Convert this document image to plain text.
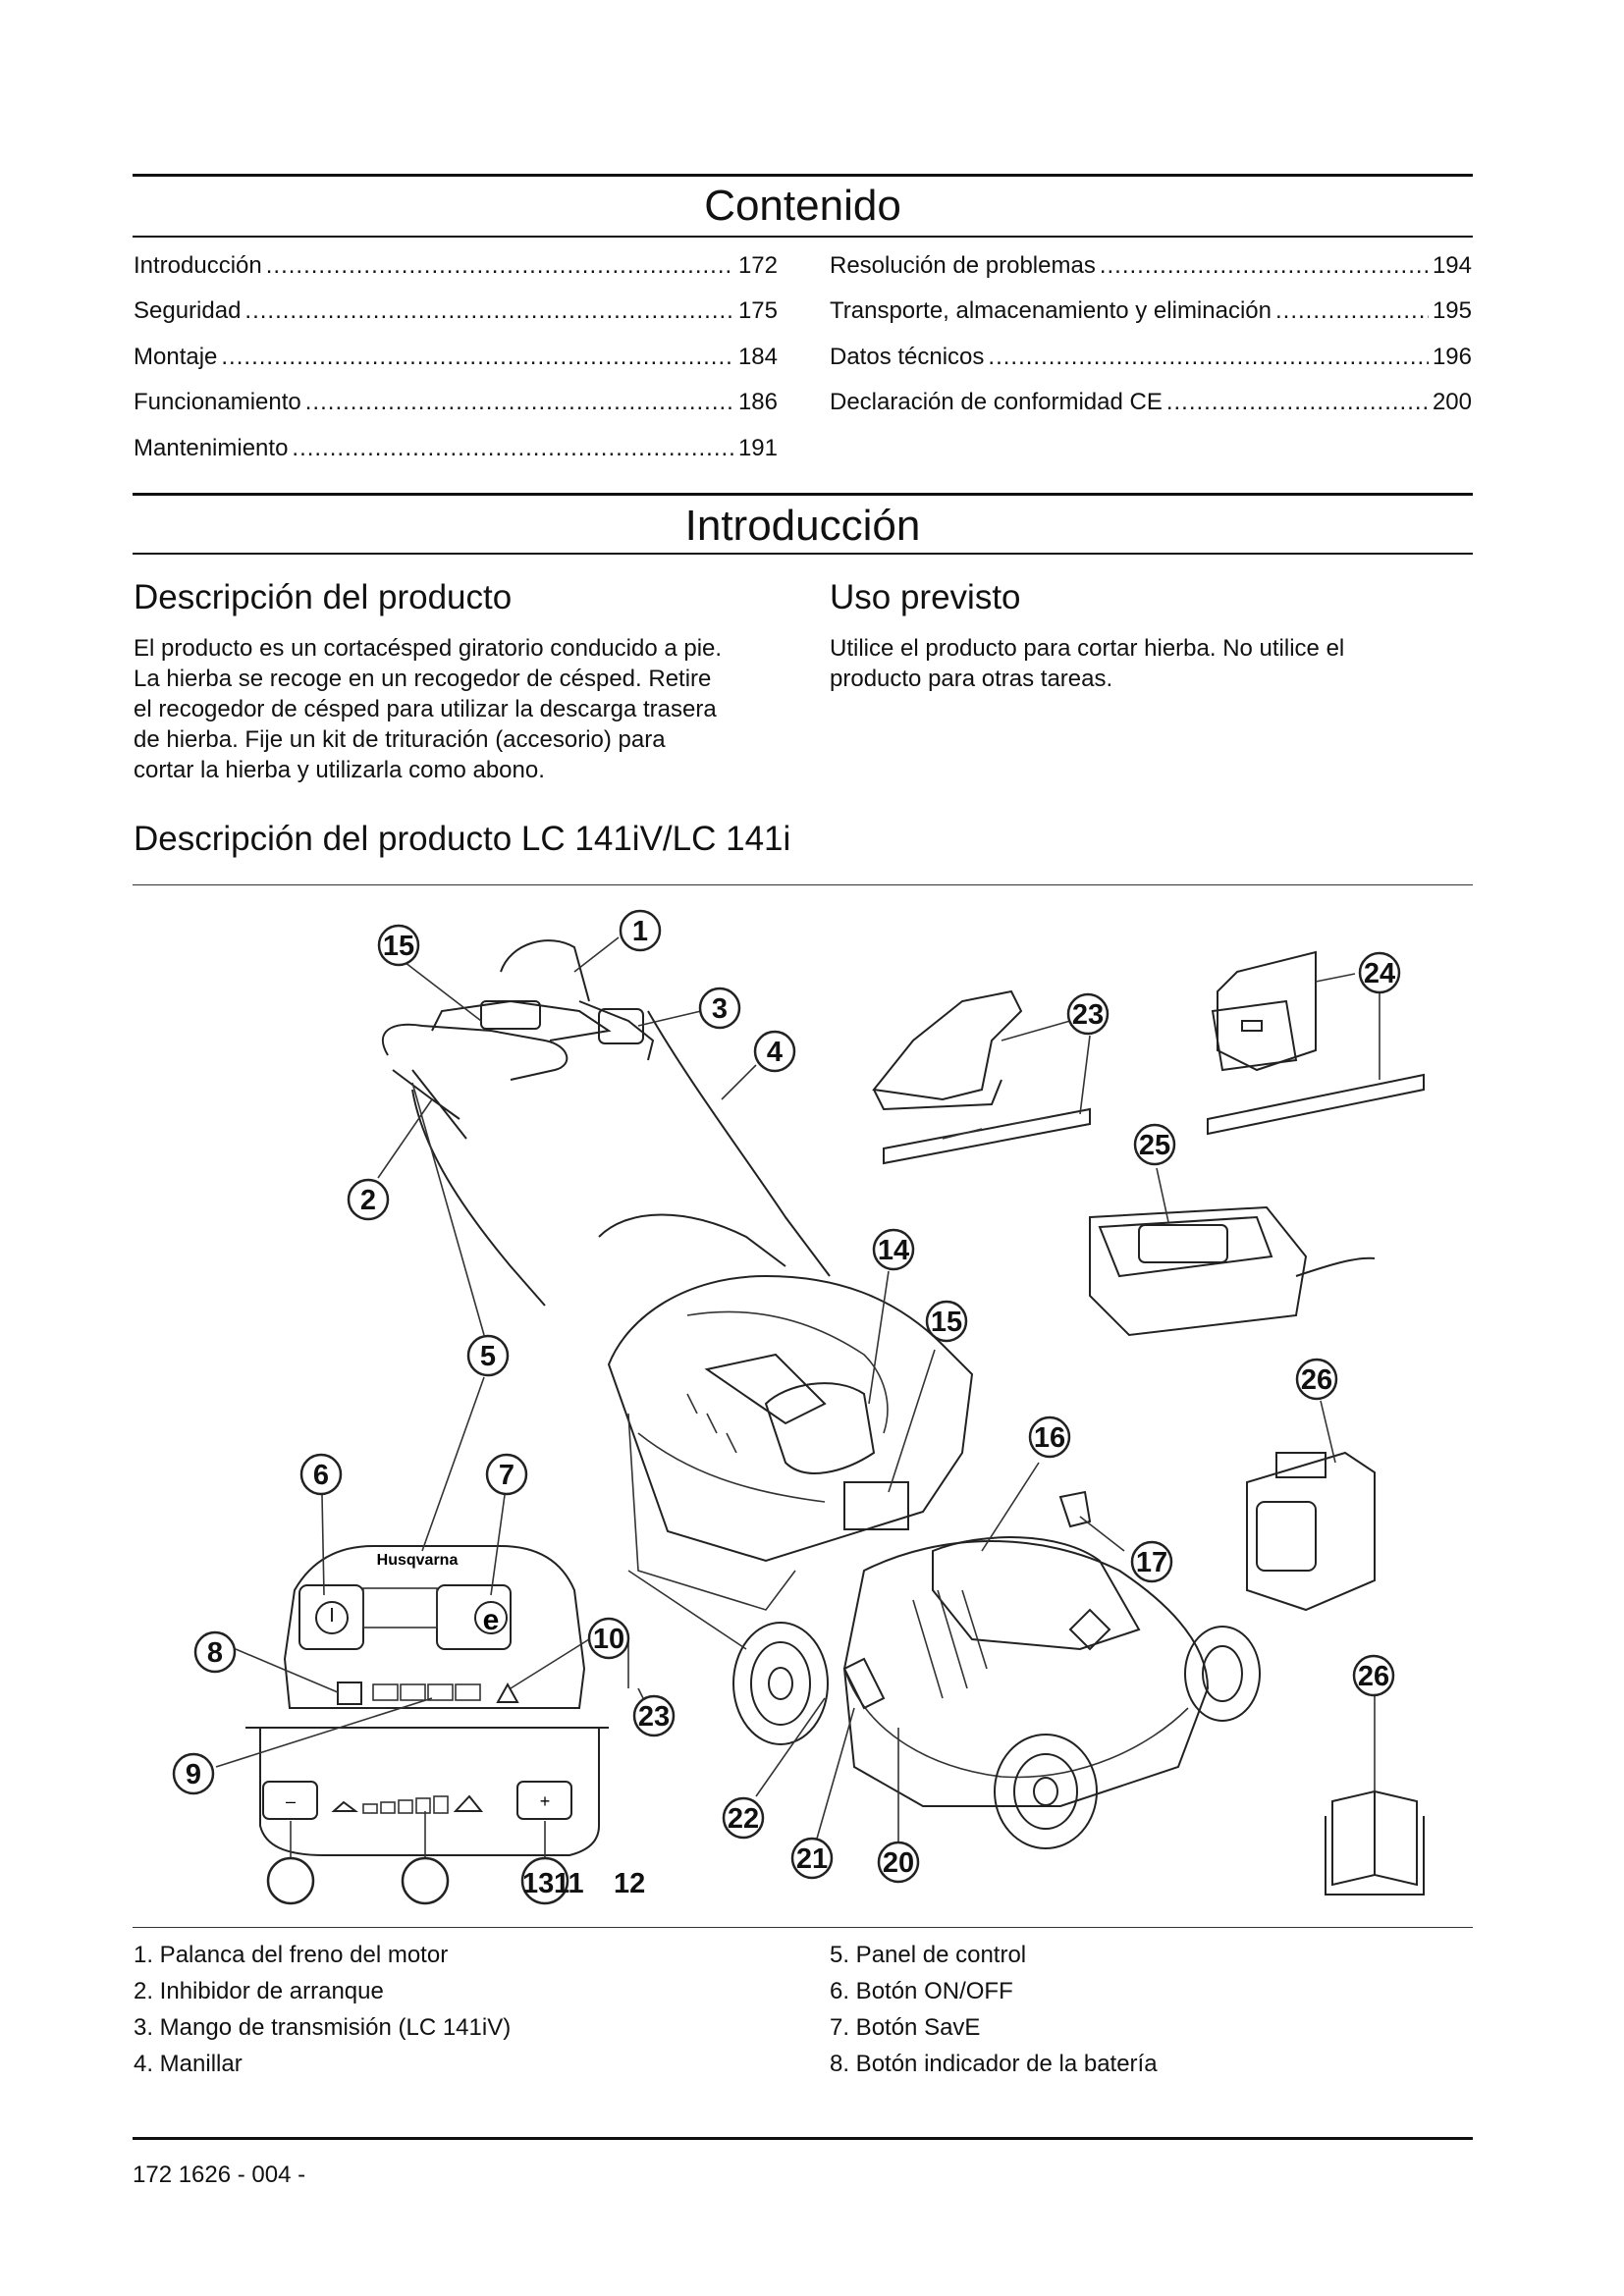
Contenido
Introducción .....	172
Seguridad .....	175
Montaje .....	184
Funcionamiento .....	186
Mantenimiento .....	191
Resolución de problemas .....	194
Transporte, almacenamiento y eliminación .....	195
Datos técnicos .....	196
Declaración de conformidad CE .....	200
Introducción
Descripción del producto
El producto es un cortacésped giratorio conducido a pie.
La hierba se recoge en un recogedor de césped. Retire
el recogedor de césped para utilizar la descarga trasera
de hierba. Fije un kit de trituración (accesorio) para
cortar la hierba y utilizarla como abono.
Uso previsto
Utilice el producto para cortar hierba. No utilice el
producto para otras tareas.
Descripción del producto LC 141iV/LC 141i
e
Husqvarna
–	+
1
15
3
4
2
5
6	7
8	10
9
23
22
21 20
14
15
16
17
23
24
25
26
26
13 11 12
1. Palanca del freno del motor
2. Inhibidor de arranque
3. Mango de transmisión (LC 141iV)
4. Manillar
5. Panel de control
6. Botón ON/OFF
7. Botón SavE
8. Botón indicador de la batería
172 1626 - 004 -
